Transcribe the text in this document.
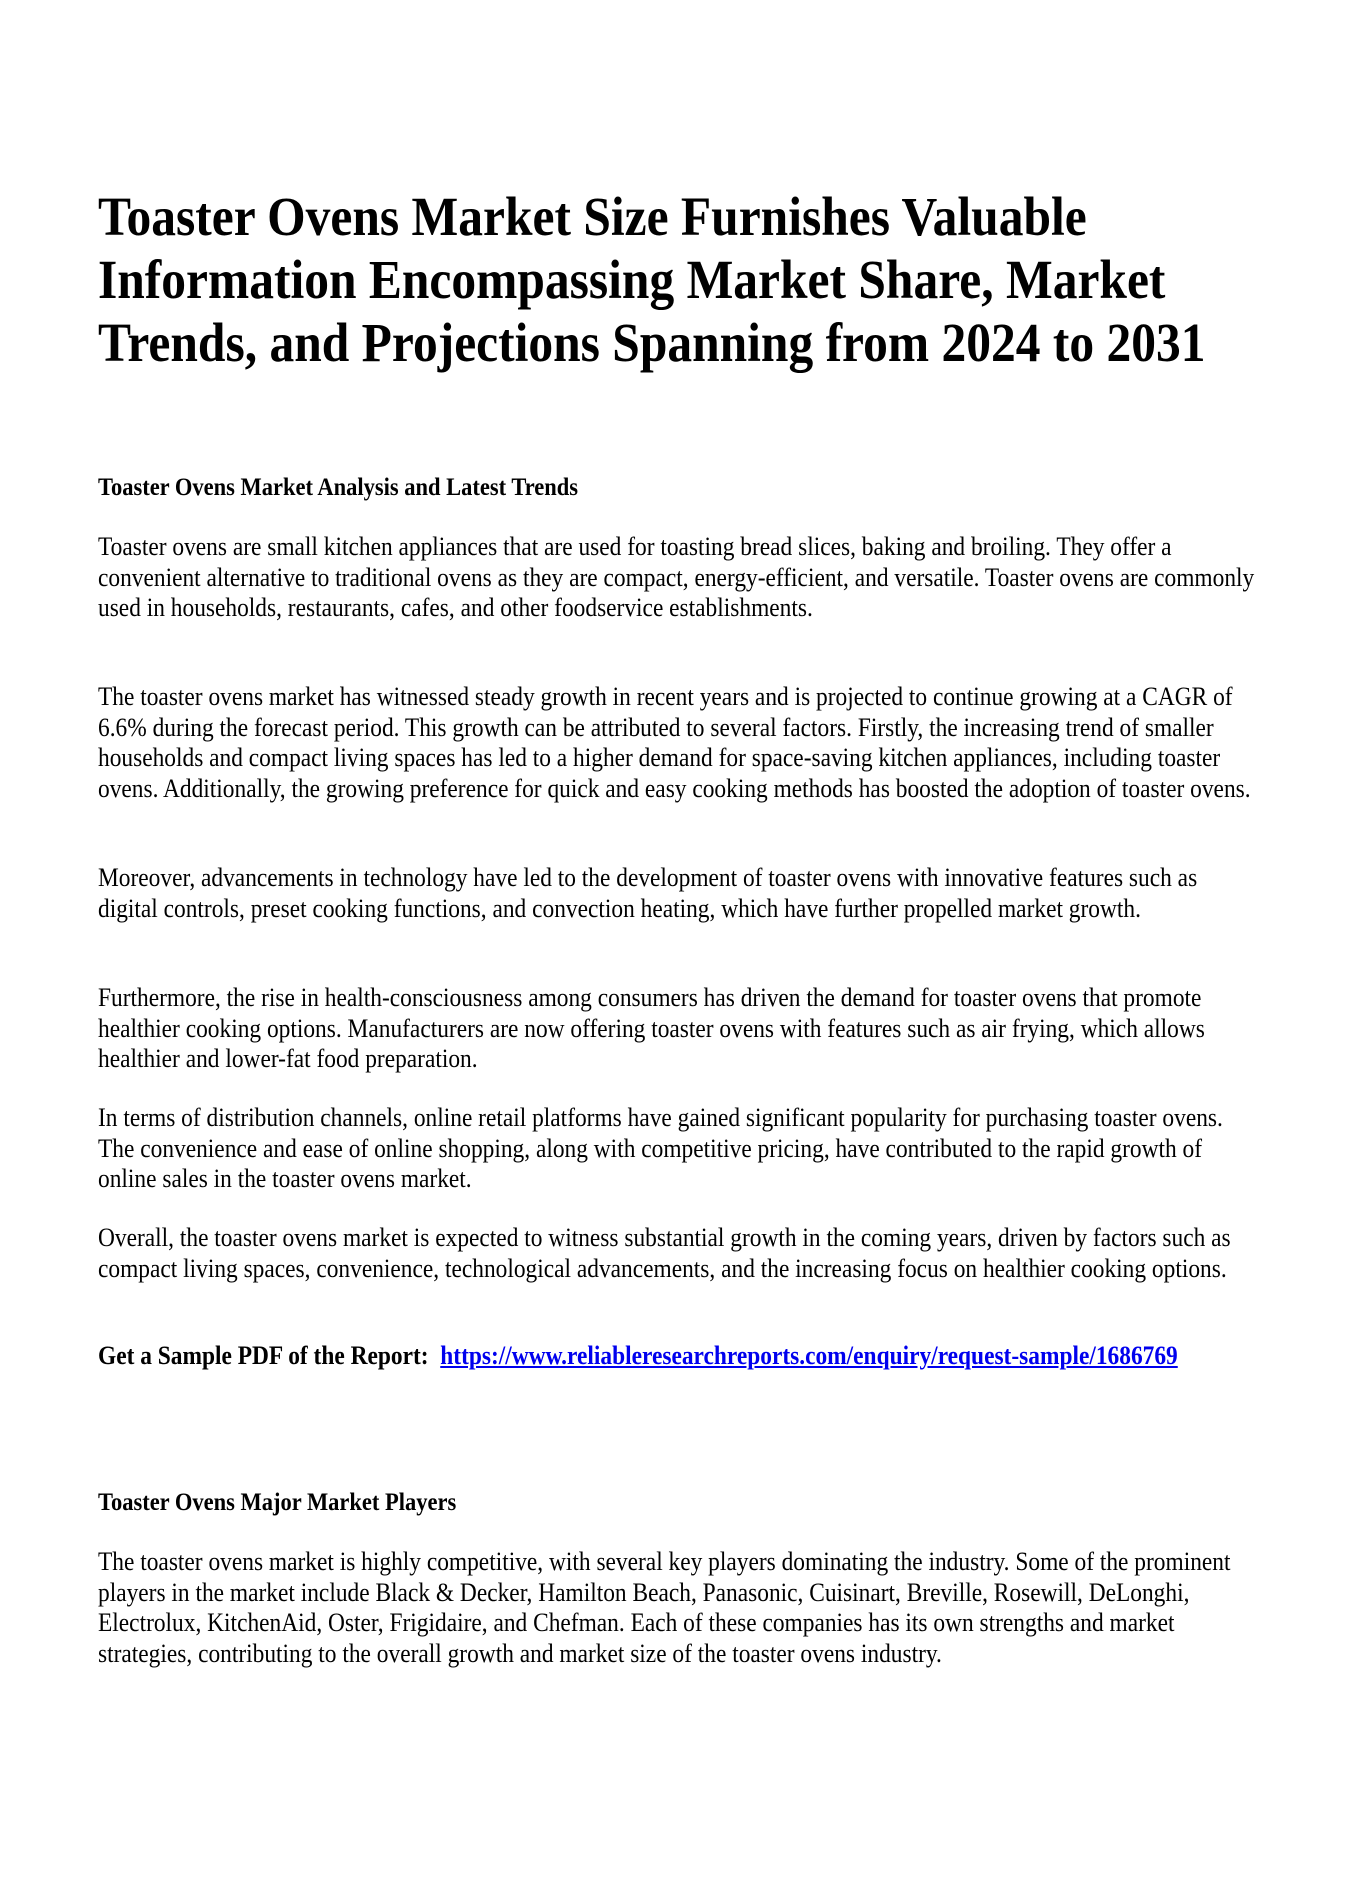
Toaster Ovens Market Size Furnishes Valuable Information Encompassing Market Share, Market Trends, and Projections Spanning from 2024 to 2031
Toaster Ovens Market Analysis and Latest Trends

Toaster ovens are small kitchen appliances that are used for toasting bread slices, baking and broiling. They offer a convenient alternative to traditional ovens as they are compact, energy-efficient, and versatile. Toaster ovens are commonly used in households, restaurants, cafes, and other foodservice establishments.

The toaster ovens market has witnessed steady growth in recent years and is projected to continue growing at a CAGR of 6.6% during the forecast period. This growth can be attributed to several factors. Firstly, the increasing trend of smaller households and compact living spaces has led to a higher demand for space-saving kitchen appliances, including toaster ovens. Additionally, the growing preference for quick and easy cooking methods has boosted the adoption of toaster ovens.

Moreover, advancements in technology have led to the development of toaster ovens with innovative features such as digital controls, preset cooking functions, and convection heating, which have further propelled market growth.

Furthermore, the rise in health-consciousness among consumers has driven the demand for toaster ovens that promote healthier cooking options. Manufacturers are now offering toaster ovens with features such as air frying, which allows healthier and lower-fat food preparation.

In terms of distribution channels, online retail platforms have gained significant popularity for purchasing toaster ovens. The convenience and ease of online shopping, along with competitive pricing, have contributed to the rapid growth of online sales in the toaster ovens market.

Overall, the toaster ovens market is expected to witness substantial growth in the coming years, driven by factors such as compact living spaces, convenience, technological advancements, and the increasing focus on healthier cooking options.

Get a Sample PDF of the Report: https://www.reliableresearchreports.com/enquiry/request-sample/1686769

Toaster Ovens Major Market Players

The toaster ovens market is highly competitive, with several key players dominating the industry. Some of the prominent players in the market include Black & Decker, Hamilton Beach, Panasonic, Cuisinart, Breville, Rosewill, DeLonghi, Electrolux, KitchenAid, Oster, Frigidaire, and Chefman. Each of these companies has its own strengths and market strategies, contributing to the overall growth and market size of the toaster ovens industry.
